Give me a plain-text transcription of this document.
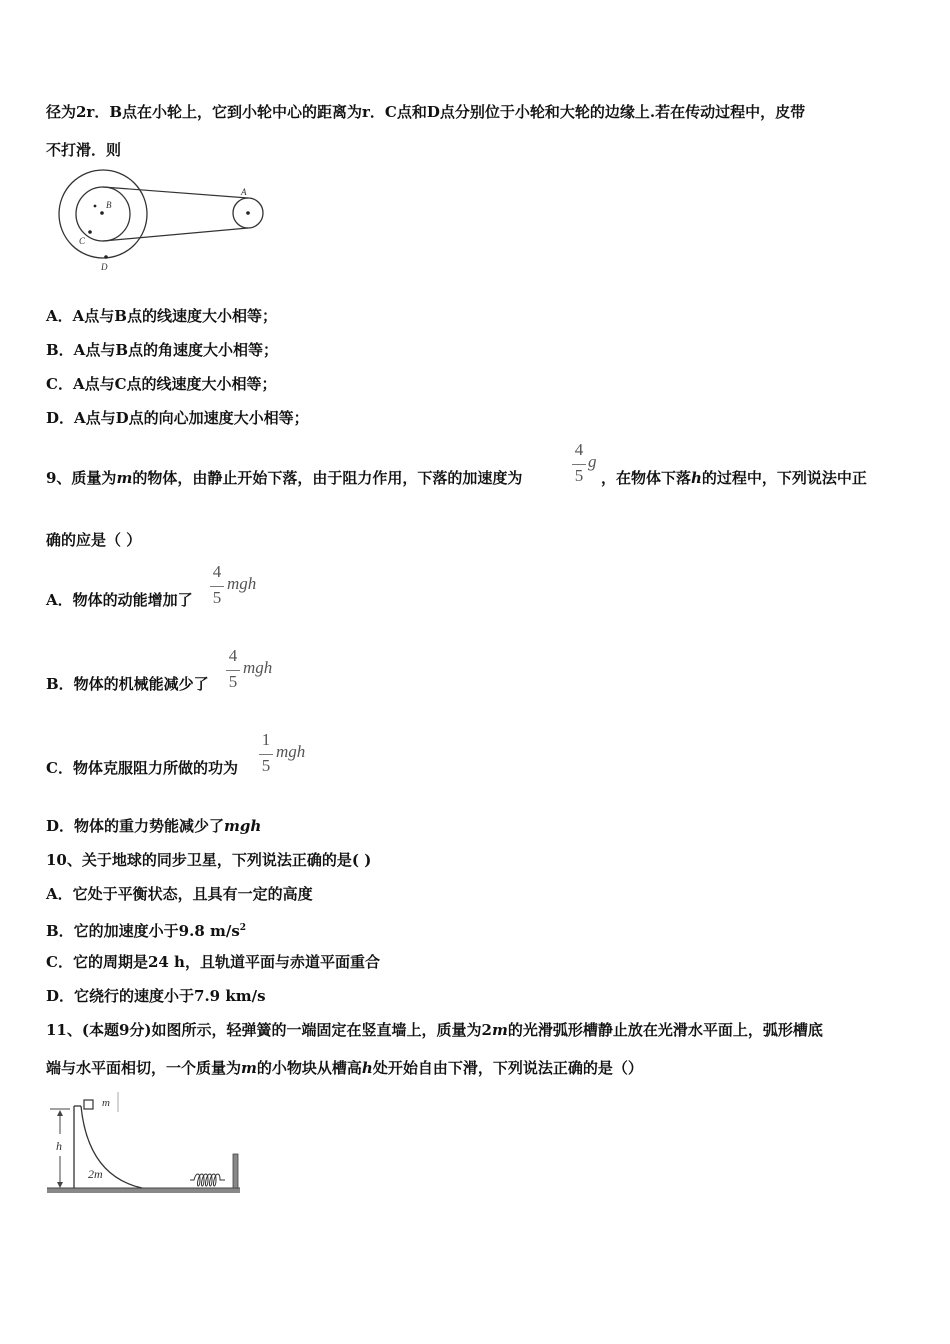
径为2r．B点在小轮上，它到小轮中心的距离为r．C点和D点分别位于小轮和大轮的边缘上.若在传动过程中，皮带
不打滑．则
A
B
C
D
A．A点与B点的线速度大小相等；
B．A点与B点的角速度大小相等；
C．A点与C点的线速度大小相等；
D．A点与D点的向心加速度大小相等；
9、质量为m的物体，由静止开始下落，由于阻力作用，下落的加速度为
4
5
g
，在物体下落h的过程中，下列说法中正
确的应是（ ）
A．物体的动能增加了
4
5
mgh
B．物体的机械能减少了
4
5
mgh
C．物体克服阻力所做的功为
1
5
mgh
D．物体的重力势能减少了mgh
10、关于地球的同步卫星，下列说法正确的是( )
A．它处于平衡状态，且具有一定的高度
B．它的加速度小于9.8 $m/s^2$
C．它的周期是24 h，且轨道平面与赤道平面重合
D．它绕行的速度小于7.9 km/s
11、(本题9分)如图所示，轻弹簧的一端固定在竖直墙上，质量为2m的光滑弧形槽静止放在光滑水平面上，弧形槽底
端与水平面相切，一个质量为m的小物块从槽高h处开始自由下滑，下列说法正确的是（）
h
2m
m
